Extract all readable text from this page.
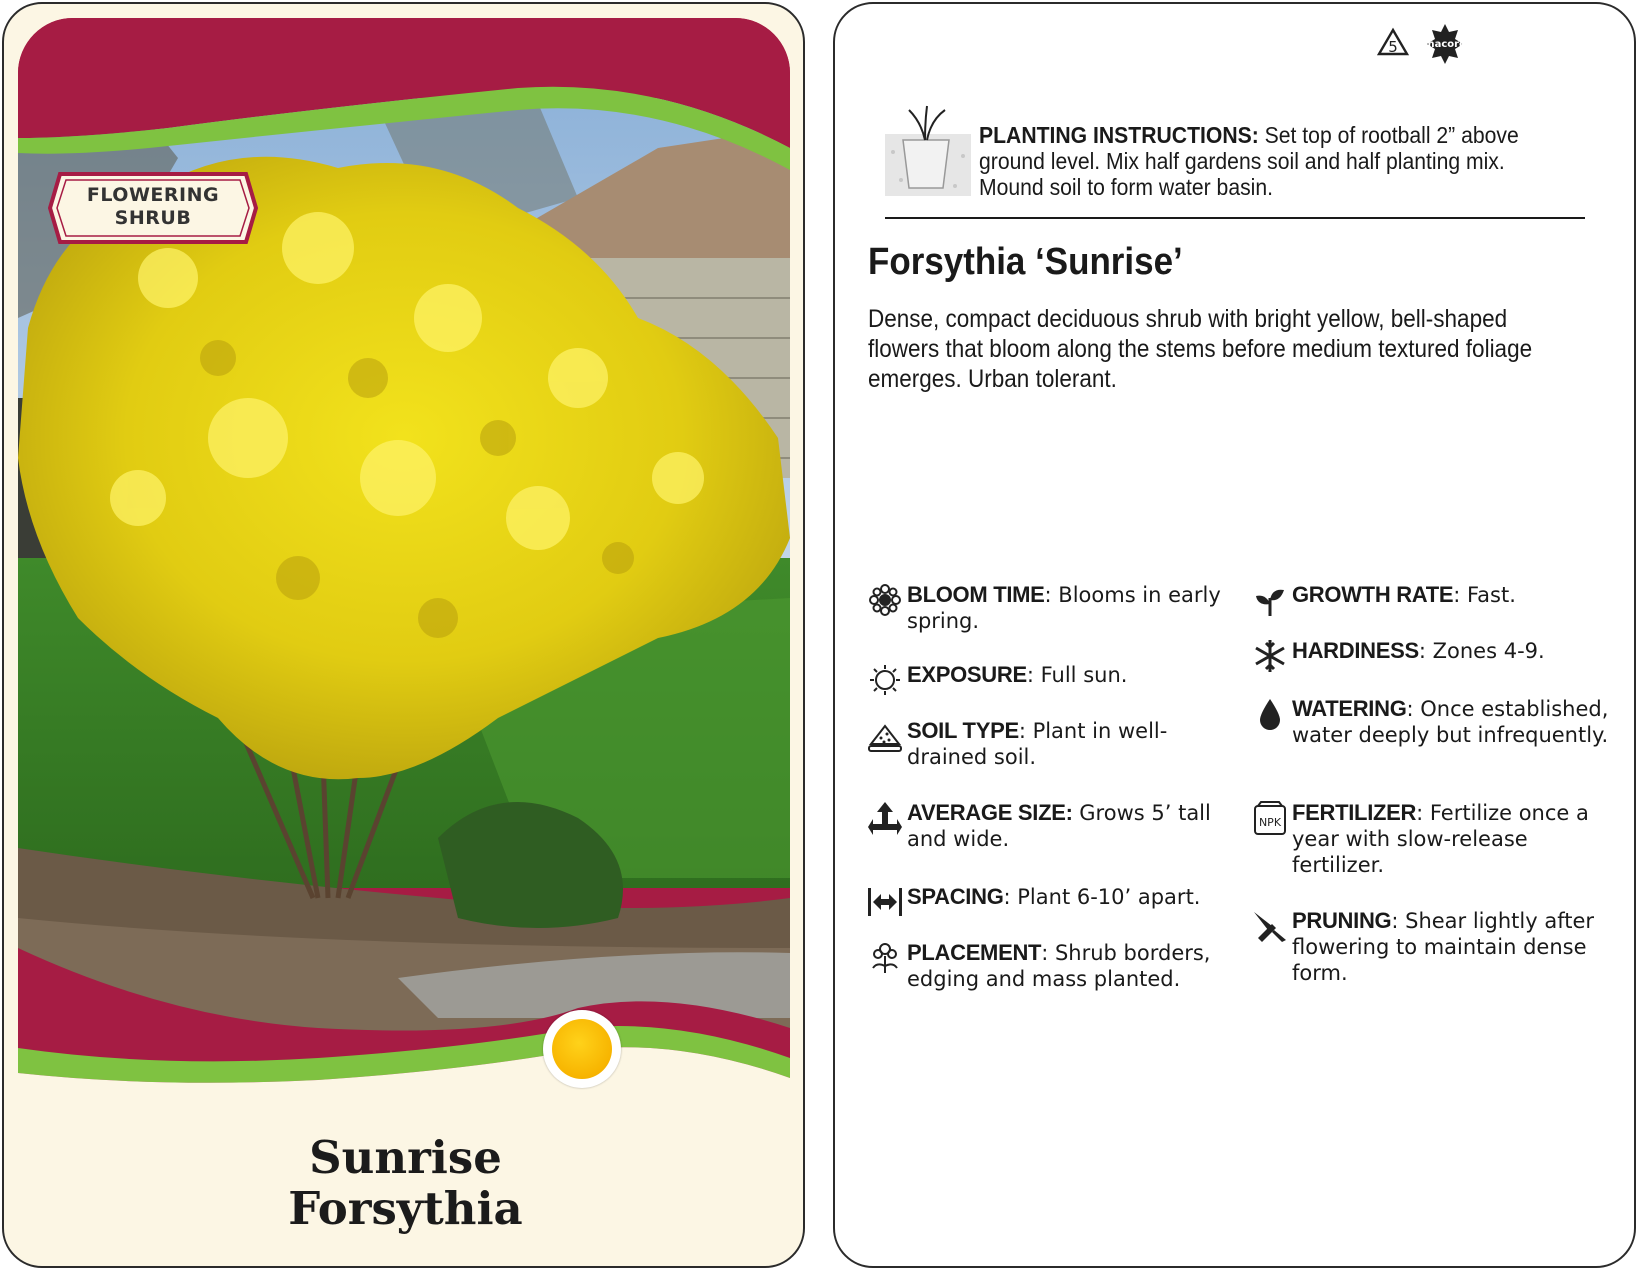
FLOWERING
SHRUB
Sunrise
Forsythia
5	macore
PLANTING INSTRUCTIONS: Set top of rootball 2” above ground level. Mix half gardens soil and half planting mix. Mound soil to form water basin.
Forsythia ‘Sunrise’
Dense, compact deciduous shrub with bright yellow, bell-shaped flowers that bloom along the stems before medium textured foliage emerges. Urban tolerant.
BLOOM TIME: Blooms in early spring.
EXPOSURE: Full sun.
SOIL TYPE: Plant in well-drained soil.
AVERAGE SIZE: Grows 5’ tall and wide.
SPACING: Plant 6-10’ apart.
PLACEMENT: Shrub borders, edging and mass planted.
GROWTH RATE: Fast.
HARDINESS: Zones 4-9.
WATERING: Once established, water deeply but infrequently.
NPK FERTILIZER: Fertilize once a year with slow-release fertilizer.
PRUNING: Shear lightly after flowering to maintain dense form.
